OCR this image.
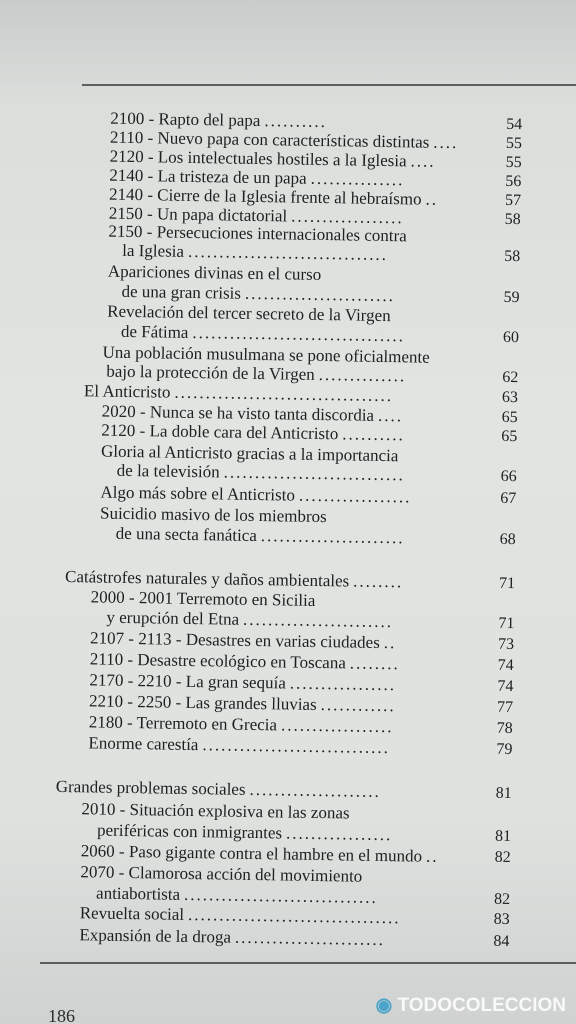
2100 - Rapto del papa ..........	54
2110 - Nuevo papa con características distintas ....	55
2120 - Los intelectuales hostiles a la Iglesia ....	55
2140 - La tristeza de un papa ...............	56
2140 - Cierre de la Iglesia frente al hebraísmo ..	57
2150 - Un papa dictatorial ..................	58
2150 - Persecuciones internacionales contra
la Iglesia ................................	58
Apariciones divinas en el curso
de una gran crisis ........................	59
Revelación del tercer secreto de la Virgen
de Fátima ..................................	60
Una población musulmana se pone oficialmente
bajo la protección de la Virgen ..............	62
El Anticristo ...................................	63
2020 - Nunca se ha visto tanta discordia ....	65
2120 - La doble cara del Anticristo ..........	65
Gloria al Anticristo gracias a la importancia
de la televisión .............................	66
Algo más sobre el Anticristo ..................	67
Suicidio masivo de los miembros
de una secta fanática .......................	68
Catástrofes naturales y daños ambientales ........	71
2000 - 2001 Terremoto en Sicilia
y erupción del Etna ........................	71
2107 - 2113 - Desastres en varias ciudades ..	73
2110 - Desastre ecológico en Toscana ........	74
2170 - 2210 - La gran sequía .................	74
2210 - 2250 - Las grandes lluvias ............	77
2180 - Terremoto en Grecia ..................	78
Enorme carestía ..............................	79
Grandes problemas sociales .....................	81
2010 - Situación explosiva en las zonas
periféricas con inmigrantes .................	81
2060 - Paso gigante contra el hambre en el mundo ..	82
2070 - Clamorosa acción del movimiento
antiabortista ...............................	82
Revuelta social ..................................	83
Expansión de la droga ........................	84
186	◉ TODOCOLECCION
